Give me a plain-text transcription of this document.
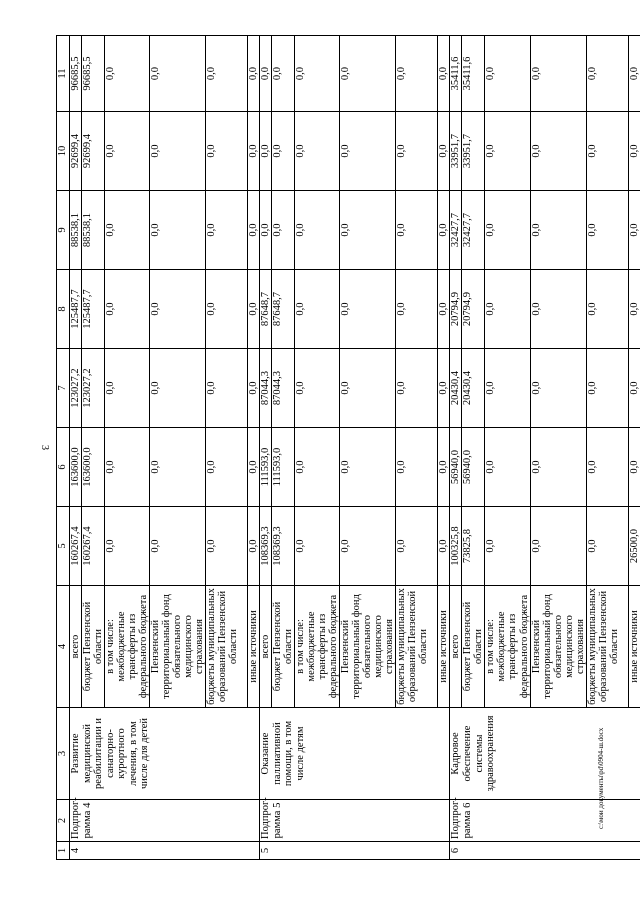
3
1	2	3	4	5	6	7	8	9	10	11
4	Подпрог-рамма 4	Развитие медицинской реабилитации и санаторно-курортного лечения, в том числе для детей	всего	160267,4	163600,0	123027,2	125487,7	88538,1	92699,4	96685,5
			бюджет Пензенской области	160267,4	163600,0	123027,2	125487,7	88538,1	92699,4	96685,5
			в том числе: межбюджетные трансферты из федерального бюджета	0,0	0,0	0,0	0,0	0,0	0,0	0,0
			Пензенский территориальный фонд обязательного медицинского страхования	0,0	0,0	0,0	0,0	0,0	0,0	0,0
			бюджеты муниципальных образований Пензенской области	0,0	0,0	0,0	0,0	0,0	0,0	0,0
			иные источники	0,0	0,0	0,0	0,0	0,0	0,0	0,0
5	Подпрог-рамма 5	Оказание паллиативной помощи, в том числе детям	всего	108369,3	111593,0	87044,3	87648,7	0,0	0,0	0,0
			бюджет Пензенской области	108369,3	111593,0	87044,3	87648,7	0,0	0,0	0,0
			в том числе: межбюджетные трансферты из федерального бюджета	0,0	0,0	0,0	0,0	0,0	0,0	0,0
			Пензенский территориальный фонд обязательного медицинского страхования	0,0	0,0	0,0	0,0	0,0	0,0	0,0
			бюджеты муниципальных образований Пензенской области	0,0	0,0	0,0	0,0	0,0	0,0	0,0
			иные источники	0,0	0,0	0,0	0,0	0,0	0,0	0,0
6	Подпрог-рамма 6	Кадровое обеспечение системы здравоохранения	всего	100325,8	56940,0	20430,4	20794,9	32427,7	33951,7	35411,6
			бюджет Пензенской области	73825,8	56940,0	20430,4	20794,9	32427,7	33951,7	35411,6
			в том числе: межбюджетные трансферты из федерального бюджета	0,0	0,0	0,0	0,0	0,0	0,0	0,0
			Пензенский территориальный фонд обязательного медицинского страхования	0,0	0,0	0,0	0,0	0,0	0,0	0,0
			бюджеты муниципальных образований Пензенской области	0,0	0,0	0,0	0,0	0,0	0,0	0,0
			иные источники	26500,0	0,0	0,0	0,0	0,0	0,0	0,0
c:\мои документы\pd\0904-ш.docx
